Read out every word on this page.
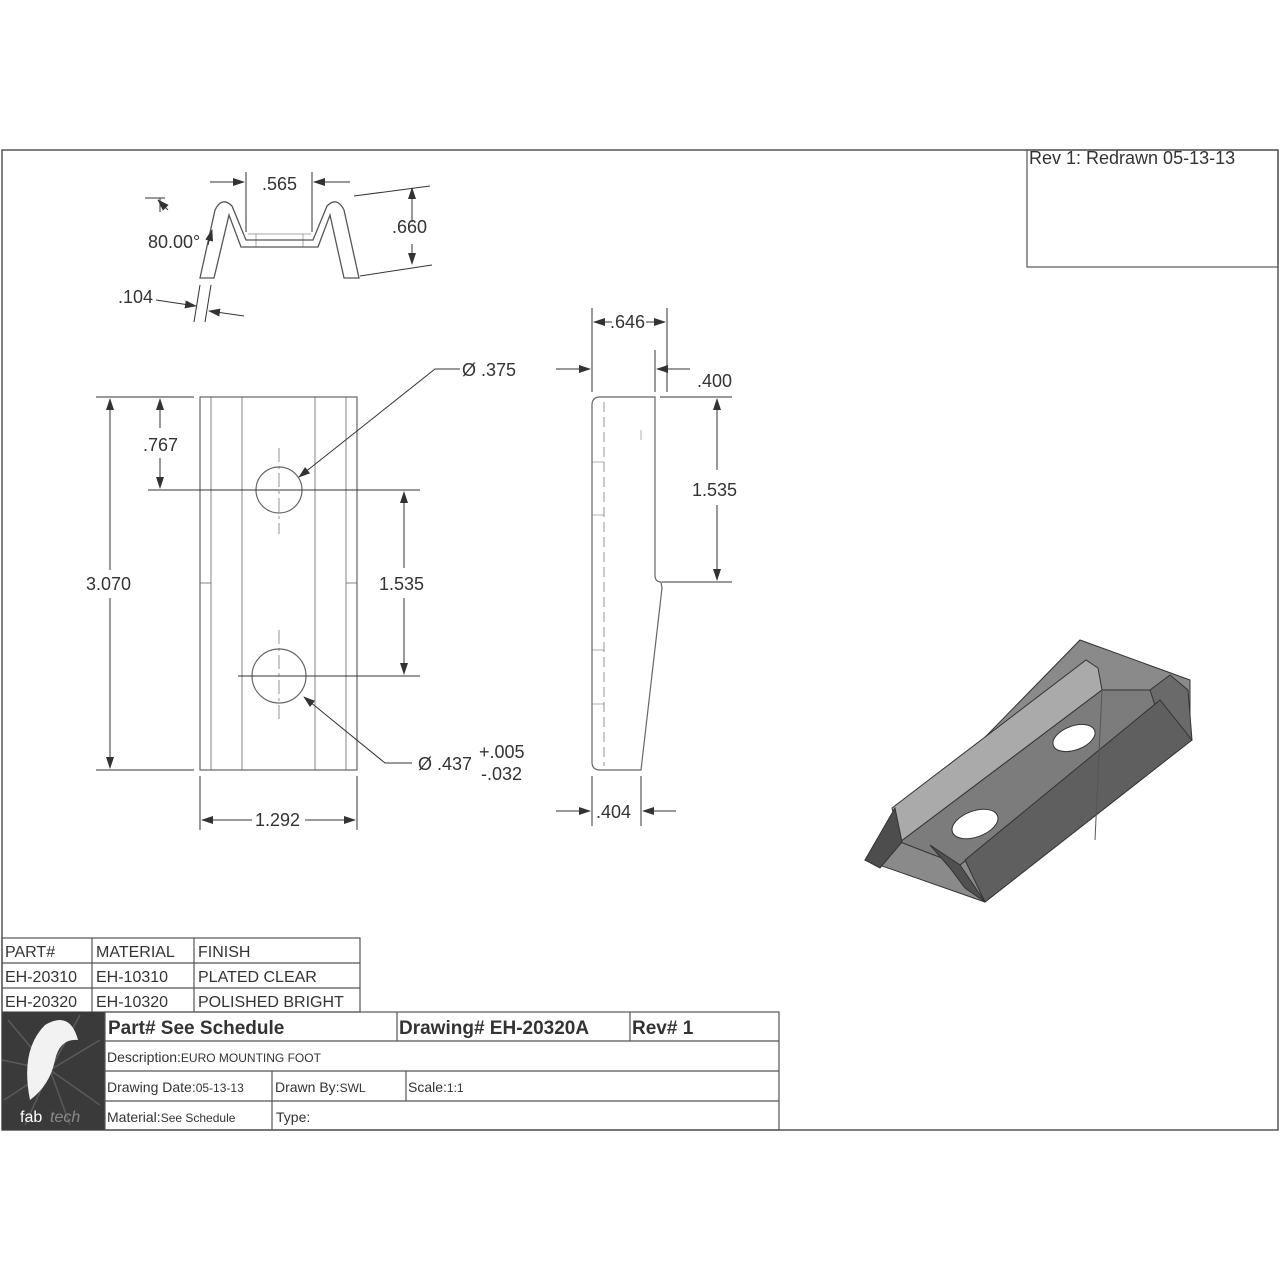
Rev 1: Redrawn 05-13-13
.565
.660
80.00°
.104
Ø .375
Ø .437
+.005
-.032
.767
3.070	1.535
1.292
.646
.400
1.535
.404
PART#	MATERIAL FINISH
EH-20310 EH-10310 PLATED CLEAR
EH-20320 EH-10320 POLISHED BRIGHT
fab tech
Part# See Schedule	Drawing# EH-20320A Rev# 1
Description:EURO MOUNTING FOOT
Drawing Date:05-13-13 Drawn By:SWL	Scale:1:1
Material:See Schedule	Type:
